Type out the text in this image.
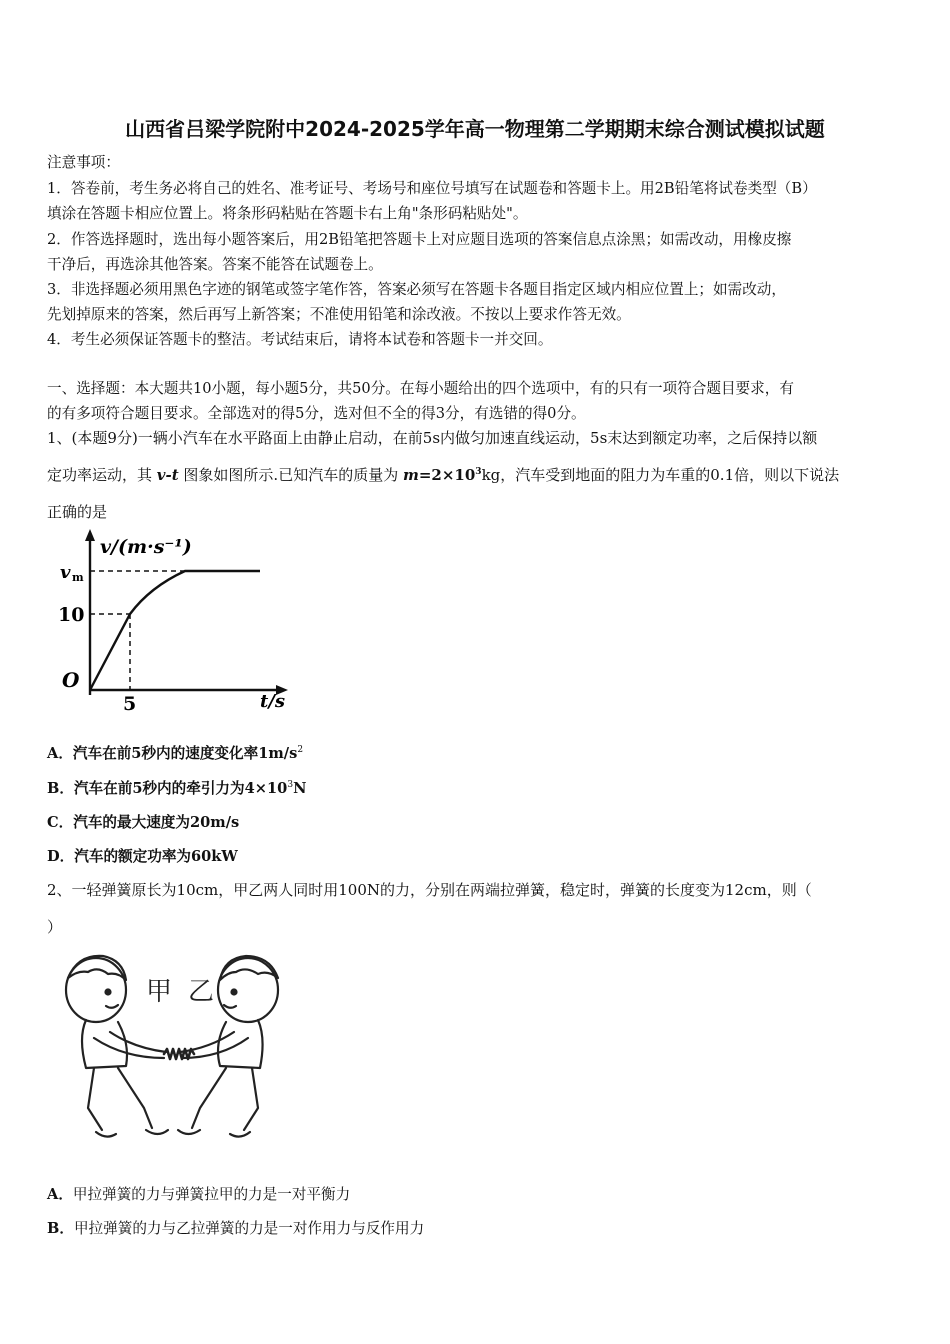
山西省吕梁学院附中2024-2025学年高一物理第二学期期末综合测试模拟试题
注意事项：
1．答卷前，考生务必将自己的姓名、准考证号、考场号和座位号填写在试题卷和答题卡上。用2B铅笔将试卷类型（B）
填涂在答题卡相应位置上。将条形码粘贴在答题卡右上角"条形码粘贴处"。
2．作答选择题时，选出每小题答案后，用2B铅笔把答题卡上对应题目选项的答案信息点涂黑；如需改动，用橡皮擦
干净后，再选涂其他答案。答案不能答在试题卷上。
3．非选择题必须用黑色字迹的钢笔或签字笔作答，答案必须写在答题卡各题目指定区域内相应位置上；如需改动，
先划掉原来的答案，然后再写上新答案；不准使用铅笔和涂改液。不按以上要求作答无效。
4．考生必须保证答题卡的整洁。考试结束后，请将本试卷和答题卡一并交回。
一、选择题：本大题共10小题，每小题5分，共50分。在每小题给出的四个选项中，有的只有一项符合题目要求，有
的有多项符合题目要求。全部选对的得5分，选对但不全的得3分，有选错的得0分。
1、(本题9分)一辆小汽车在水平路面上由静止启动，在前5s内做匀加速直线运动，5s末达到额定功率，之后保持以额
定功率运动，其 v-t 图象如图所示.已知汽车的质量为 $m=2\times 10^3kg$，汽车受到地面的阻力为车重的0.1倍，则以下说法
正确的是
v/(m·s⁻¹)
t/s
v m
10
5
O
A．汽车在前5秒内的速度变化率$1m/s^2$
B．汽车在前5秒内的牵引力为$4\times 10^3N$
C．汽车的最大速度为20m/s
D．汽车的额定功率为60kW
2、一轻弹簧原长为10cm，甲乙两人同时用100N的力，分别在两端拉弹簧，稳定时，弹簧的长度变为12cm，则（
）
甲 乙
A．甲拉弹簧的力与弹簧拉甲的力是一对平衡力
B．甲拉弹簧的力与乙拉弹簧的力是一对作用力与反作用力
